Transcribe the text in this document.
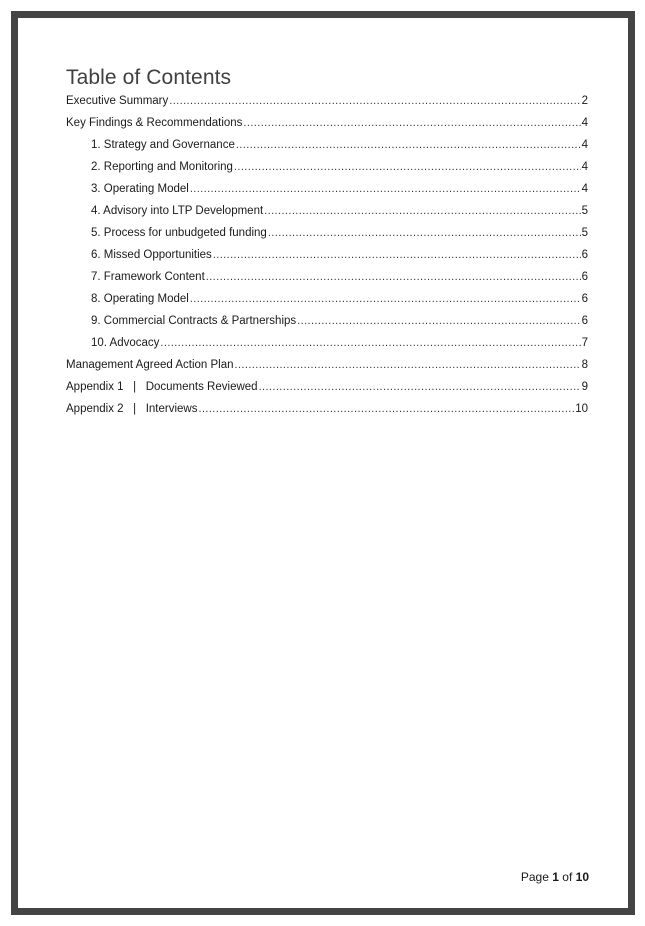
Table of Contents
Executive Summary .....	2
Key Findings & Recommendations .....	4
1. Strategy and Governance .....	4
2. Reporting and Monitoring .....	4
3. Operating Model .....	4
4. Advisory into LTP Development .....	5
5. Process for unbudgeted funding .....	5
6. Missed Opportunities .....	6
7. Framework Content .....	6
8. Operating Model .....	6
9. Commercial Contracts & Partnerships .....	6
10. Advocacy .....	7
Management Agreed Action Plan .....	8
Appendix 1   |   Documents Reviewed .....	9
Appendix 2   |   Interviews .....	10
Page 1 of 10
